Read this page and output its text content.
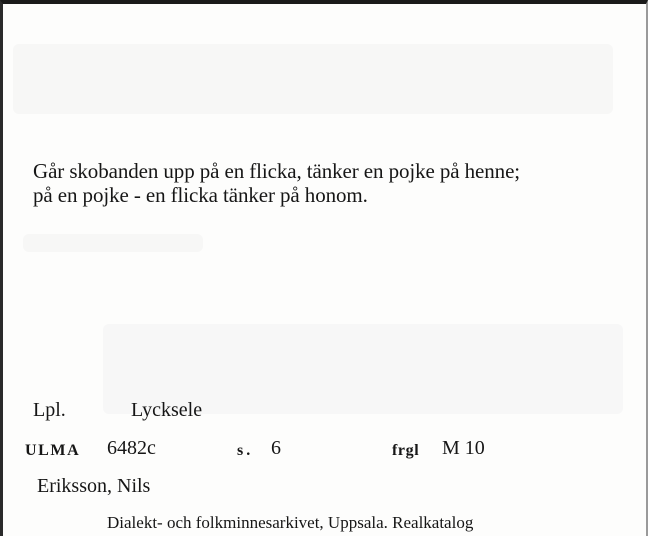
Går skobanden upp på en flicka, tänker en pojke på henne;
på en pojke - en flicka tänker på honom.
Lpl.	Lycksele
ULMA 6482c	s. 6	frgl M 10
Eriksson, Nils
Dialekt- och folkminnesarkivet, Uppsala. Realkatalog
